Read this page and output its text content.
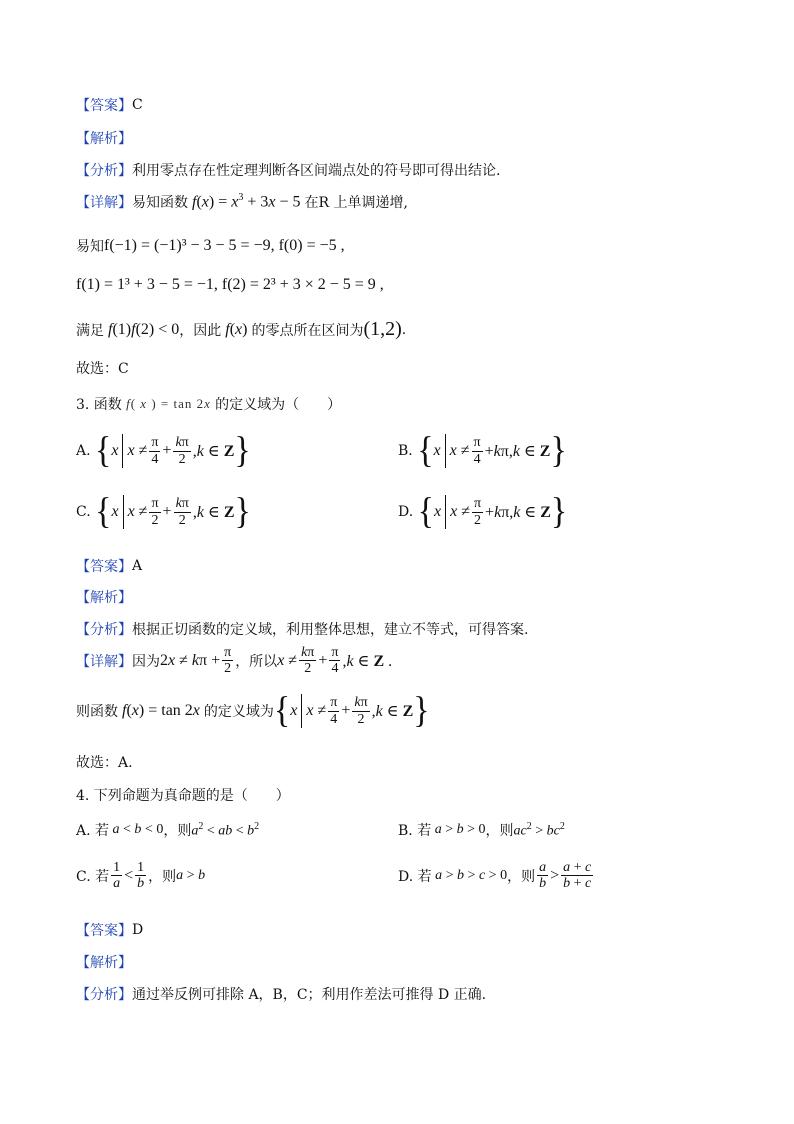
【答案】 C
【解析】
【分析】 利用零点存在性定理判断各区间端点处的符号即可得出结论.
【详解】 易知函数 $f(x) = x^3 + 3x - 5$ 在R 上单调递增,
易知 f(−1) = (−1)³ − 3 − 5 = −9, f(0) = −5 ,
f(1) = 1³ + 3 − 5 = −1, f(2) = 2³ + 3 × 2 − 5 = 9 ,
满足 f(1)f(2) < 0 ，因此 f(x) 的零点所在区间为 (1,2) .
故选：C
3. 函数 f( x ) = tan 2x 的定义域为（　　）
A.
{ x $x \ne \frac{\pi}{4} + \frac{k\pi}{2} ,k$ ∈ Z }	B.
{ x $x \ne \frac{\pi}{4} +k\pi,k$ ∈ Z }
C.
{ x $x \ne \frac{\pi}{2} + \frac{k\pi}{2} ,k$ ∈ Z }	D.
{ x $x \ne \frac{\pi}{2} +k\pi,k$ ∈ Z }
【答案】 A
【解析】
【分析】 根据正切函数的定义域，利用整体思想，建立不等式，可得答案.
【详解】 因为 $2x \ne k\pi + \frac{\pi}{2}$ ，所以 $x \ne \frac{k\pi}{2} + \frac{\pi}{4} ,k$ ∈ Z .
则函数 f(x) = tan 2x 的定义域为 { x $x \ne \frac{\pi}{4} + \frac{k\pi}{2} ,k$ ∈ Z }
故选：A.
4. 下列命题为真命题的是（　　）
A. 若 a < b < 0 ，则 $a^2$ < ab < $b^2$	B. 若 a > b > 0 ，则 $ac^2 > bc^2$
C. 若 $\frac{1}{a} < \frac{1}{b}$ ，则 a > b	D. 若 a > b > c > 0 ，则 $\frac{a}{b} > \frac{a + c}{b + c}$
【答案】 D
【解析】
【分析】 通过举反例可排除 A，B，C；利用作差法可推得 D 正确.
